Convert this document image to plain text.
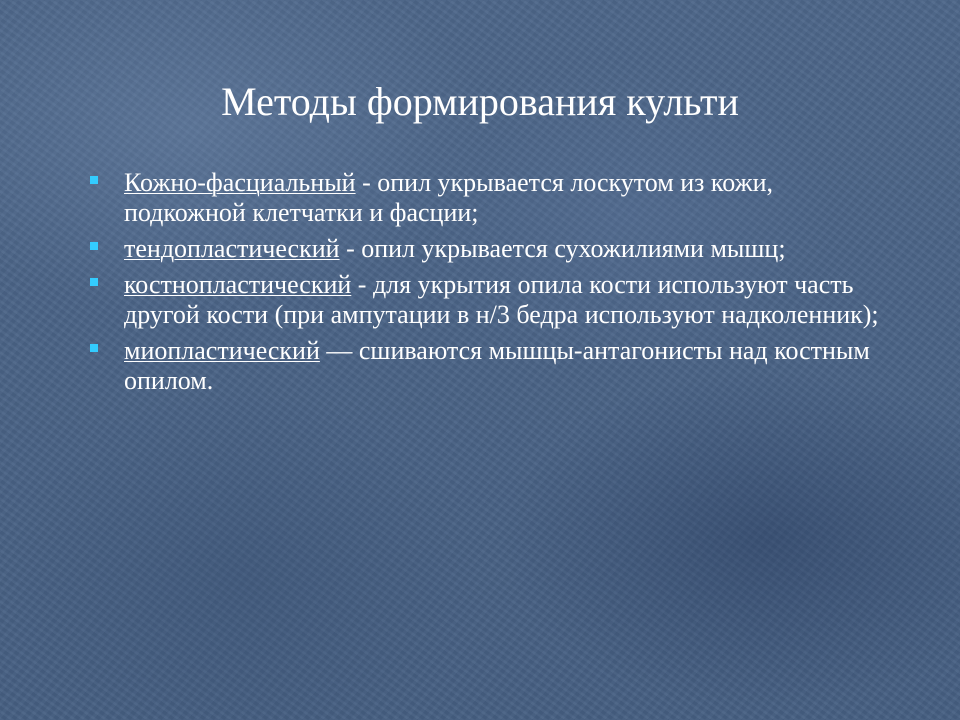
Методы формирования культи
Кожно-фасциальный - опил укрывается лоскутом из кожи, подкожной клетчатки и фасции;
тендопластический - опил укрывается сухожилиями мышц;
костнопластический - для укрытия опила кости используют часть другой кости (при ампутации в н/3 бедра используют надколенник);
миопластический — сшиваются мышцы-антагонисты над костным опилом.
